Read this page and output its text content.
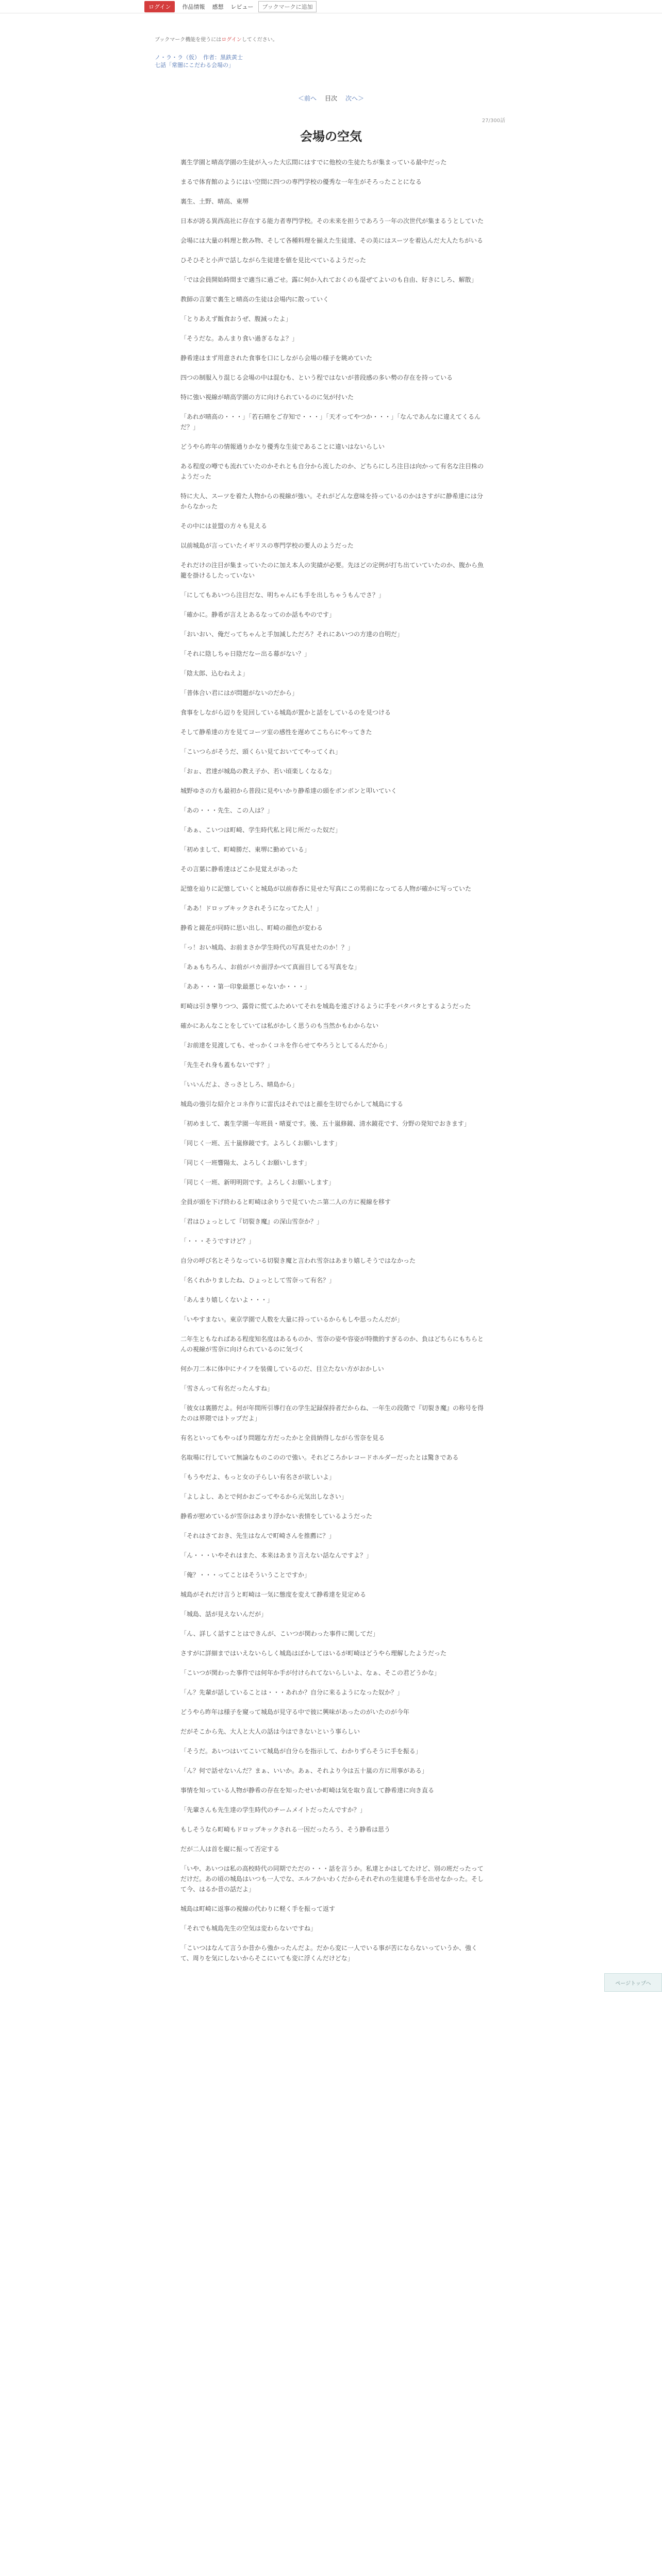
ログイン	作品情報 感想 レビュー	ブックマークに追加
ブックマーク機能を使うにはログインしてください。
ノ・ラ・ラ（仮） 作者：黒鉄黄士
七話「常闇にこだわる会場の」
＜前へ 目次 次へ＞
27/300話
会場の空気

裏生学園と晴高学園の生徒が入った大広間にはすでに他校の生徒たちが集まっている最中だった

まるで体育館のようにはい空間に四つの専門学校の優秀な一年生がそろったことになる

裏生、土野、晴高、東堺

日本が誇る異西高社に存在する能力者専門学校。その未来を担うであろう一年の次世代が集まるうとしていた

会場には大量の料理と飲み物、そして各種料理を揃えた生徒達、その美にはスーツを着込んだ大人たちがいる

ひそひそと小声で話しながら生徒達を値を見比べているようだった

「では会員開始時間まで適当に過ごせ。露に何か入れておくのも混ぜてよいのも自由、好きにしろ、解散」

教師の言葉で裏生と晴高の生徒は会場内に散っていく

「とりあえず飯食おうぜ、腹減ったよ」

「そうだな。あんまり食い過ぎるなよ？」

静希達はまず用意された食事を口にしながら会場の様子を眺めていた

四つの制服入り混じる会場の中は混むも、という程ではないが普段感の多い勢の存在を持っている

特に強い視線が晴高学園の方に向けられているのに気が付いた

「あれが晴高の・・・」「若石晴をご存知で・・・」「天才ってやつか・・・」「なんであんなに違えてくるんだ？」

どうやら昨年の情報通りかなり優秀な生徒であることに違いはないらしい

ある程度の噂でも流れていたのかそれとも自分から流したのか、どちらにしろ注目は向かって有名な注目株のようだった

特に大人、スーツを着た人物からの視線が強い。それがどんな意味を持っているのかはさすがに静希達には分からなかった

その中には並盟の方々も見える

以前城島が言っていたイギリスの専門学校の要人のようだった

それだけの注目が集まっていたのに加え本人の実績が必要。先ほどの定例が打ち出ていていたのか、腹から魚籠を掛けるしたっていない

「にしてもあいつら注目だな、明ちゃんにも手を出しちゃうもんでさ？」

「確かに。静希が言えとあるなってのか話もやのです」

「おいおい、俺だってちゃんと手加減しただろ？それにあいつの方達の自明だ」

「それに陰しちゃ日陰だなー出る幕がない？」

「陰太郎、込むねえよ」

「普体合い君にはが問題がないのだから」

食事をしながら辺りを見回している城島が置かと話をしているのを見つける

そして静希達の方を見てコーツ室の感性を遅めてこちらにやってきた

「こいつらがそうだ、頭くらい見ておいててやってくれ」

「おぉ、君達が城島の教え子か、若い頃楽しくなるな」

城野ゆさの方も最初から普段に見やいかり静希達の頭をボンボンと叩いていく

「あの・・・先生、この人は？」

「あぁ、こいつは町崎、学生時代私と同じ所だった奴だ」

「初めまして、町崎勝だ、東堺に勤めている」

その言葉に静希達はどこか見覚えがあった

記憶を辿りに記憶していくと城島が以前春香に見せた写真にこの男前になってる人物が確かに写っていた

「ああ！ドロップキックされそうになってた人！」

静希と鏡花が同時に思い出し、町崎の顔色が変わる

「っ！おい城島、お前まさか学生時代の写真見せたのか！？」

「あぁもちろん、お前がバカ面浮かべて真面目してる写真をな」

「ああ・・・第一印象最悪じゃないか・・・」

町崎は引き攣りつつ、露骨に慌てふためいてそれを城島を遠ざけるように手をバタバタとするようだった

確かにあんなことをしていては私がかしく思うのも当然かもわからない

「お前達を見渡しても、せっかくコネを作らせてやろうとしてるんだから」

「先生それ身も蓋もないです？」

「いいんだよ、さっさとしろ、晴島から」

城島の強引な紹介とコネ作りに雷氏はそれではと顔を生切でらかして城島にする

「初めまして、裏生学園一年班員・晴夏です。後、五十嵐修鏡、清水鏡花です、分野の発知でおきます」

「同じく一班、五十嵐修鏡です。よろしくお願いします」

「同じく一班響陽太、よろしくお願いします」

「同じく一班、新明明則です。よろしくお願いします」

全員が頭を下げ終わると町崎は余りうで見ていたニ第二人の方に視線を移す

「君はひょっとして『切裂き魔』の深山雪奈か？」

「・・・そうですけど？」

自分の呼び名とそうなっている切裂き魔と言われ雪奈はあまり嬉しそうではなかった

「名くれかりましたね、ひょっとして雪奈って有名？」

「あんまり嬉しくないよ・・・」

「いやすまない。東京学園で人数を大量に持っているからもしや思ったんだが」

二年生ともなればある程度知名度はあるものか、雪奈の姿や容姿が特徴的すぎるのか、負はどちらにもちらとんの視線が雪奈に向けられているのに気づく

何か刀二本に体中にナイフを装備しているのだ、目立たない方がおかしい

「雪さんって有名だったんすね」

「彼女は裏勝だよ。何が年間所引導行在の学生記録保持者だからね、一年生の段階で『切裂き魔』の称号を得たのは界隈ではトップだよ」

有名といってもやっぱり問題な方だったかと全員納得しながら雪奈を見る

名取場に行していて無論なものこのので強い。それどころかレコードホルダーだったとは驚きである

「もうやだよ、もっと女の子らしい有名さが欲しいよ」

「よしよし、あとで何かおごってやるから元気出しなさい」

静希が慰めているが雪奈はあまり浮かない表情をしているようだった

「それはさておき、先生はなんで町崎さんを推薦に？」

「ん・・・いやそれはまた、本来はあまり言えない話なんですよ？」

「俺？・・・ってことはそういうことですか」

城島がそれだけ言うと町崎は一気に態度を変えて静希達を見定める

「城島、話が見えないんだが」

「ん、詳しく話すことはできんが、こいつが関わった事件に関してだ」

さすがに詳細まではいえないらしく城島はぼかしてはいるが町崎はどうやら理解したようだった

「こいつが関わった事件では何年か手が付けられてないらしいよ、なぁ、そこの君どうかな」

「ん？先輩が話していることは・・・あれか？自分に来るようになった奴か？」

どうやら昨年は様子を窺って城島が見守る中で彼に興味があったのがいたのが今年

だがそこから先、大人と大人の話は今はできないという事らしい

「そうだ。あいつはいてこいて城島が自分らを指示して、わかりずらそうに手を振る」

「ん？何で話せないんだ？まぁ、いいか。あぁ、それより今は五十嵐の方に用事がある」

事情を知っている人物が静希の存在を知ったせいか町崎は気を取り直して静希達に向き直る

「先輩さんも先生達の学生時代のチームメイトだったんですか？」

もしそうなら町崎もドロップキックされる一因だったろう、そう静希は思う

だが二人は首を縦に振って否定する

「いや、あいつは私の高校時代の同期でただの・・・話を言うか。私達とかはしてたけど、別の班だったってだけだ。あの頃の城島はいつも一人でな、エルフかいわくだからそれぞれの生徒達も手を出せなかった。そして今、はるか昔の話だよ」

城島は町崎に返事の視線の代わりに軽く手を振って返す

「それでも城島先生の空気は変わらないですね」

「こいつはなんて言うか昔から強かったんだよ。だから変に一人でいる事が苦にならないっていうか、強くて、周りを気にしないからそこにいても変に浮くんだけどな」

ページトップへ
